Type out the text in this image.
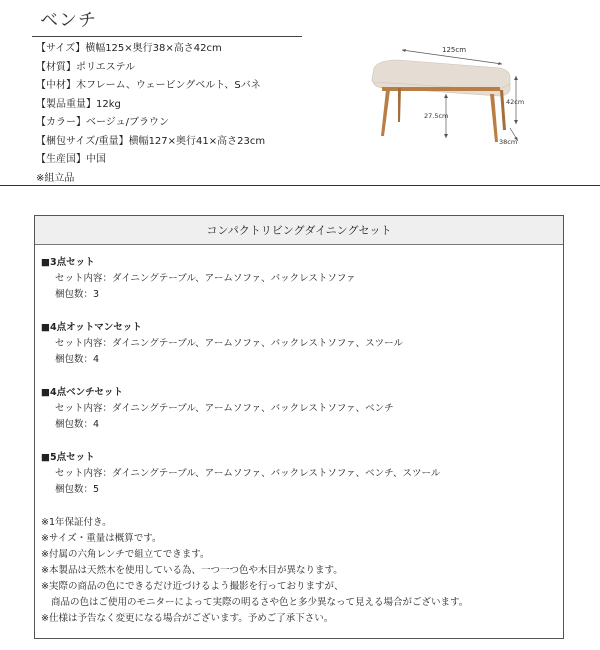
ベンチ
【サイズ】横幅125×奥行38×高さ42cm
【材質】ポリエステル
【中材】木フレーム、ウェービングベルト、Sバネ
【製品重量】12kg
【カラー】ベージュ/ブラウン
【梱包サイズ/重量】横幅127×奥行41×高さ23cm
【生産国】中国
※組立品
125cm
27.5cm
42cm
38cm
コンパクトリビングダイニングセット
■3点セット
セット内容：ダイニングテーブル、アームソファ、バックレストソファ
梱包数：3
■4点オットマンセット
セット内容：ダイニングテーブル、アームソファ、バックレストソファ、スツール
梱包数：4
■4点ベンチセット
セット内容：ダイニングテーブル、アームソファ、バックレストソファ、ベンチ
梱包数：4
■5点セット
セット内容：ダイニングテーブル、アームソファ、バックレストソファ、ベンチ、スツール
梱包数：5
※1年保証付き。
※サイズ・重量は概算です。
※付属の六角レンチで組立てできます。
※本製品は天然木を使用している為、一つ一つ色や木目が異なります。
※実際の商品の色にできるだけ近づけるよう撮影を行っておりますが、
商品の色はご使用のモニターによって実際の明るさや色と多少異なって見える場合がございます。
※仕様は予告なく変更になる場合がございます。予めご了承下さい。
